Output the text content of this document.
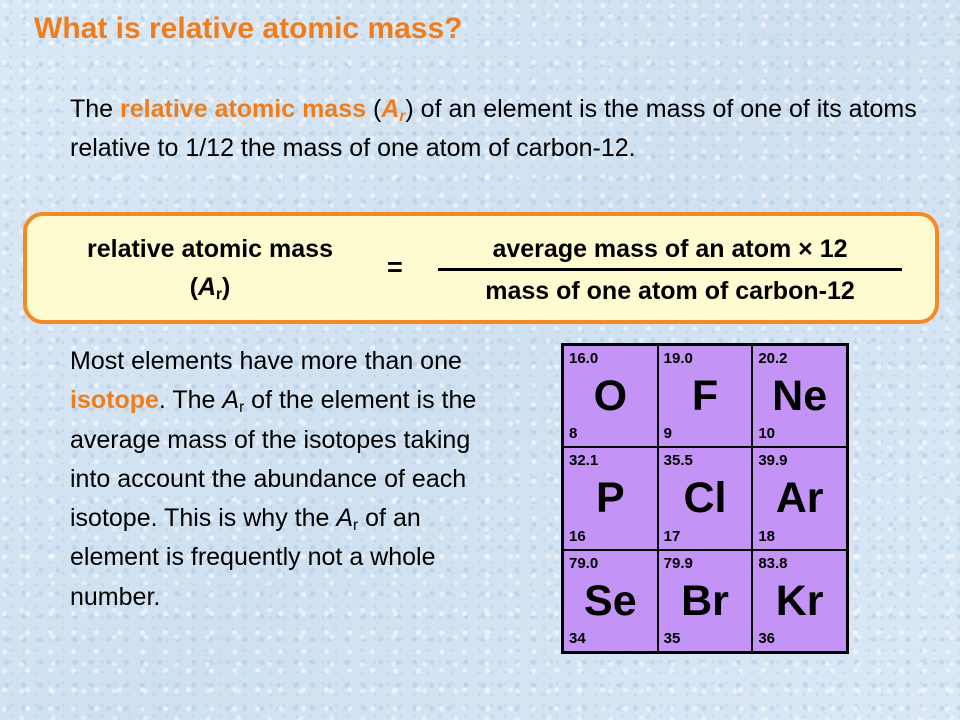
What is relative atomic mass?
The relative atomic mass $(A_r)$ of an element is the mass of one of its atoms relative to 1/12 the mass of one atom of carbon-12.
relative atomic mass
$(A_r)$
=
average mass of an atom × 12
mass of one atom of carbon-12
Most elements have more than one isotope. The $A_r$ of the element is the average mass of the isotopes taking into account the abundance of each isotope. This is why the $A_r$ of an element is frequently not a whole number.
16.0
O
8
19.0
F
9
20.2
Ne
10
32.1
P
16
35.5
Cl
17
39.9
Ar
18
79.0
Se
34
79.9
Br
35
83.8
Kr
36
